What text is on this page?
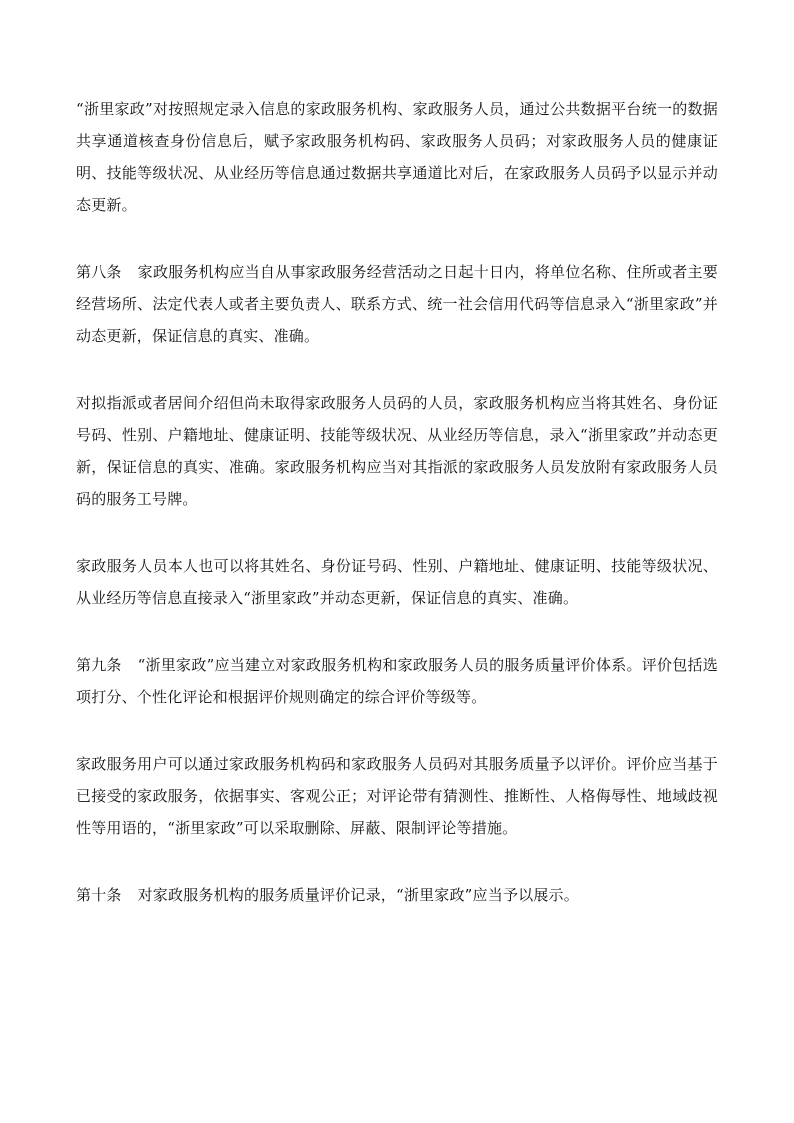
“浙里家政”对按照规定录入信息的家政服务机构、家政服务人员，通过公共数据平台统一的数据共享通道核查身份信息后，赋予家政服务机构码、家政服务人员码；对家政服务人员的健康证明、技能等级状况、从业经历等信息通过数据共享通道比对后，在家政服务人员码予以显示并动态更新。

第八条 家政服务机构应当自从事家政服务经营活动之日起十日内，将单位名称、住所或者主要经营场所、法定代表人或者主要负责人、联系方式、统一社会信用代码等信息录入“浙里家政”并动态更新，保证信息的真实、准确。

对拟指派或者居间介绍但尚未取得家政服务人员码的人员，家政服务机构应当将其姓名、身份证号码、性别、户籍地址、健康证明、技能等级状况、从业经历等信息，录入“浙里家政”并动态更新，保证信息的真实、准确。家政服务机构应当对其指派的家政服务人员发放附有家政服务人员码的服务工号牌。

家政服务人员本人也可以将其姓名、身份证号码、性别、户籍地址、健康证明、技能等级状况、从业经历等信息直接录入“浙里家政”并动态更新，保证信息的真实、准确。

第九条 “浙里家政”应当建立对家政服务机构和家政服务人员的服务质量评价体系。评价包括选项打分、个性化评论和根据评价规则确定的综合评价等级等。

家政服务用户可以通过家政服务机构码和家政服务人员码对其服务质量予以评价。评价应当基于已接受的家政服务，依据事实、客观公正；对评论带有猜测性、推断性、人格侮辱性、地域歧视性等用语的，“浙里家政”可以采取删除、屏蔽、限制评论等措施。

第十条 对家政服务机构的服务质量评价记录，“浙里家政”应当予以展示。
